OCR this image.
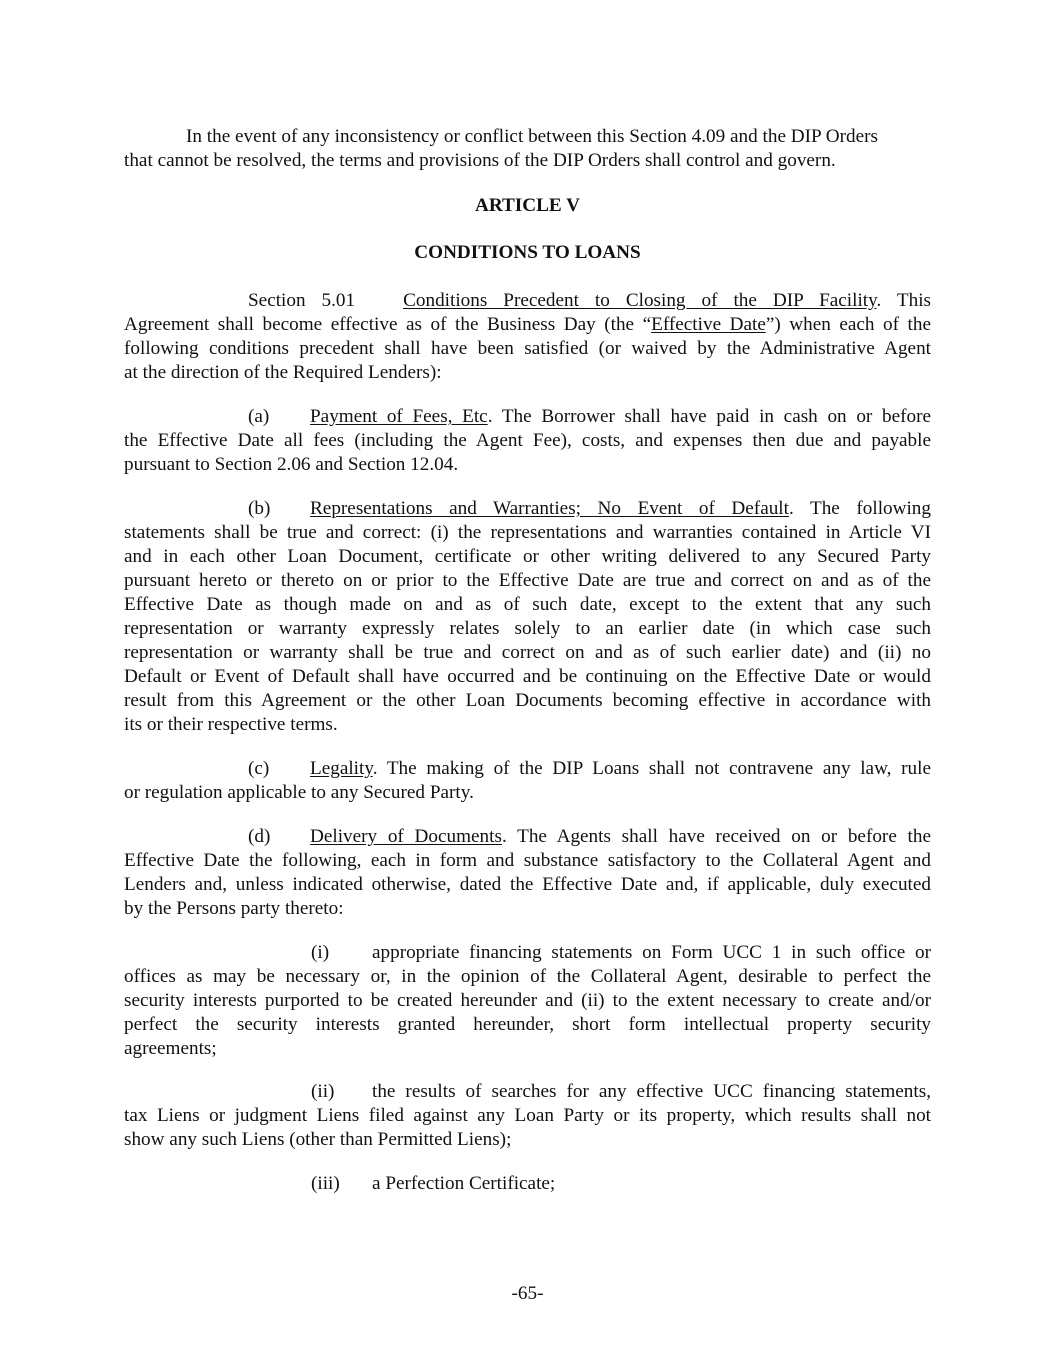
In the event of any inconsistency or conflict between this Section 4.09 and the DIP Orders
that cannot be resolved, the terms and provisions of the DIP Orders shall control and govern.
ARTICLE V
CONDITIONS TO LOANS
Section 5.01 Conditions Precedent to Closing of the DIP Facility. This
Agreement shall become effective as of the Business Day (the “Effective Date”) when each of the
following conditions precedent shall have been satisfied (or waived by the Administrative Agent
at the direction of the Required Lenders):
(a)	Payment of Fees, Etc. The Borrower shall have paid in cash on or before
the Effective Date all fees (including the Agent Fee), costs, and expenses then due and payable
pursuant to Section 2.06 and Section 12.04.
(b)	Representations and Warranties; No Event of Default. The following
statements shall be true and correct: (i) the representations and warranties contained in Article VI
and in each other Loan Document, certificate or other writing delivered to any Secured Party
pursuant hereto or thereto on or prior to the Effective Date are true and correct on and as of the
Effective Date as though made on and as of such date, except to the extent that any such
representation or warranty expressly relates solely to an earlier date (in which case such
representation or warranty shall be true and correct on and as of such earlier date) and (ii) no
Default or Event of Default shall have occurred and be continuing on the Effective Date or would
result from this Agreement or the other Loan Documents becoming effective in accordance with
its or their respective terms.
(c)	Legality. The making of the DIP Loans shall not contravene any law, rule
or regulation applicable to any Secured Party.
(d)	Delivery of Documents. The Agents shall have received on or before the
Effective Date the following, each in form and substance satisfactory to the Collateral Agent and
Lenders and, unless indicated otherwise, dated the Effective Date and, if applicable, duly executed
by the Persons party thereto:
(i)	appropriate financing statements on Form UCC 1 in such office or
offices as may be necessary or, in the opinion of the Collateral Agent, desirable to perfect the
security interests purported to be created hereunder and (ii) to the extent necessary to create and/or
perfect the security interests granted hereunder, short form intellectual property security
agreements;
(ii)	the results of searches for any effective UCC financing statements,
tax Liens or judgment Liens filed against any Loan Party or its property, which results shall not
show any such Liens (other than Permitted Liens);
(iii)	a Perfection Certificate;
-65-
